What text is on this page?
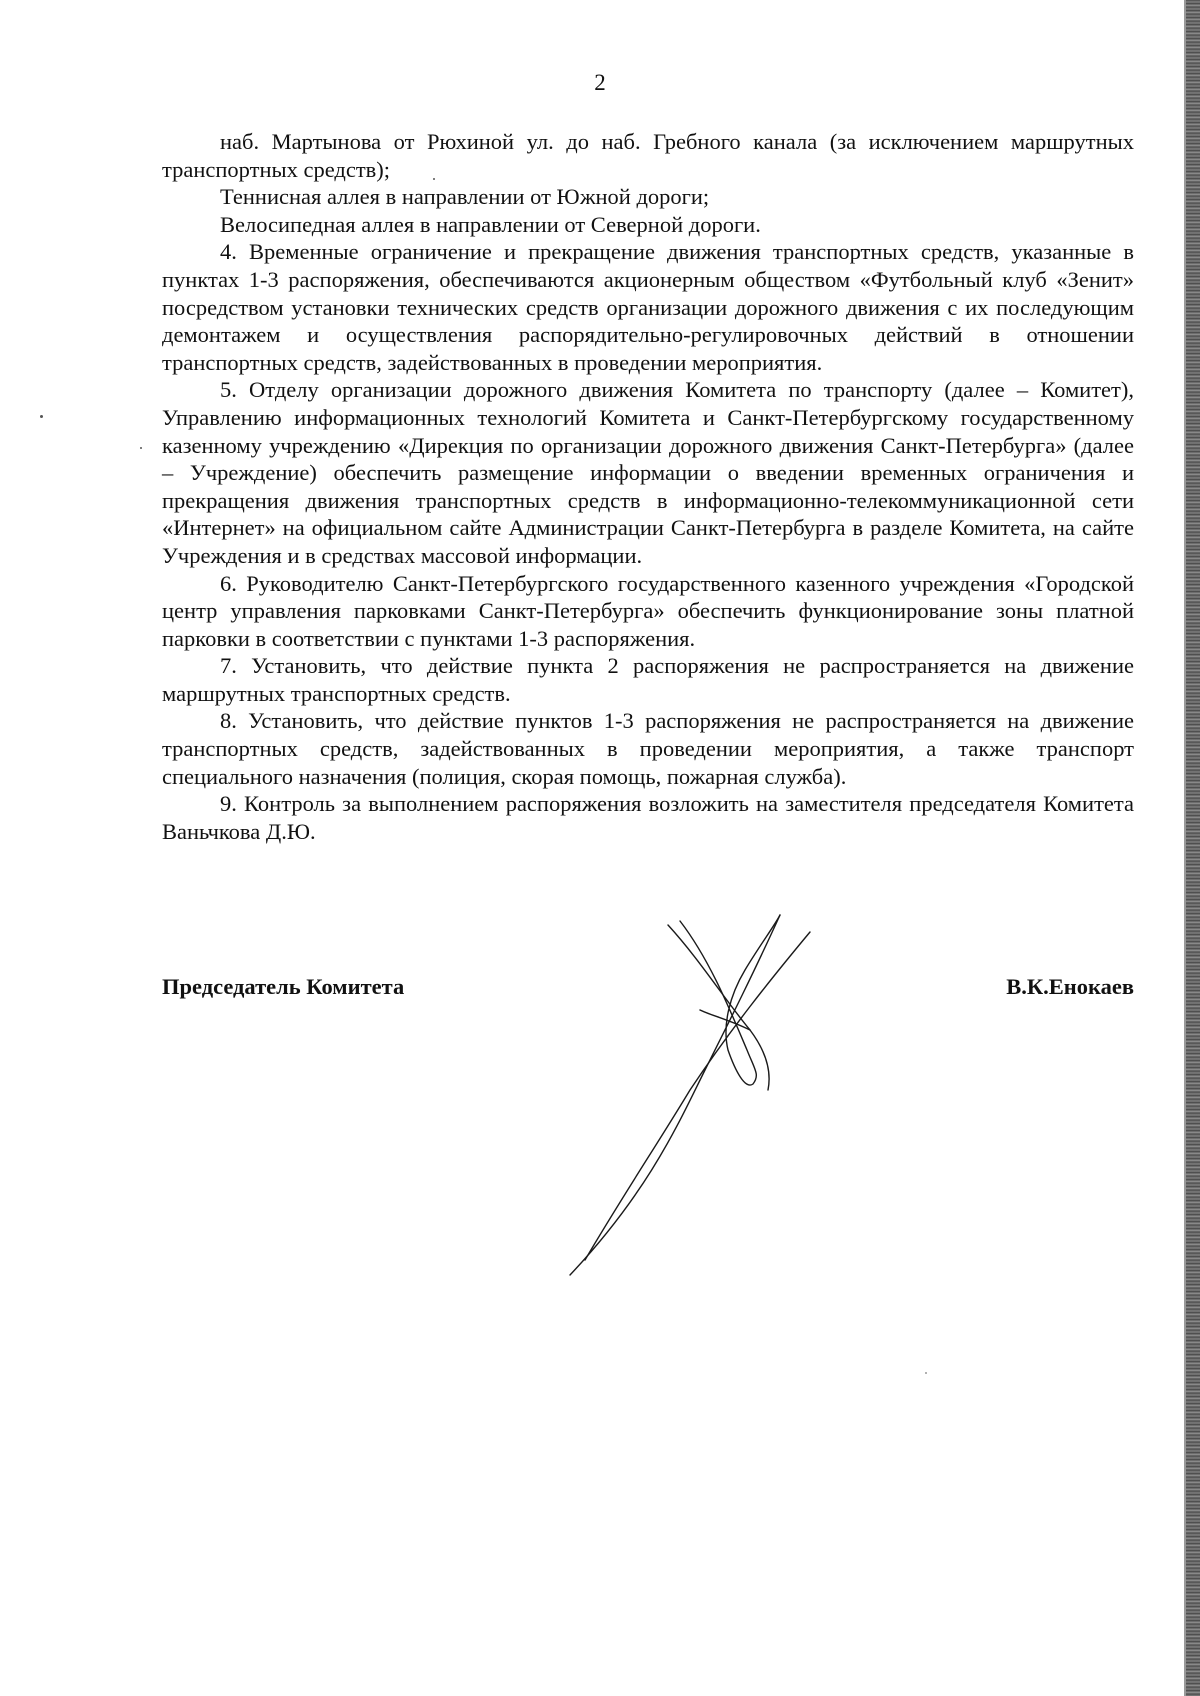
2

наб. Мартынова от Рюхиной ул. до наб. Гребного канала (за исключением маршрутных транспортных средств);

Теннисная аллея в направлении от Южной дороги;

Велосипедная аллея в направлении от Северной дороги.

4. Временные ограничение и прекращение движения транспортных средств, указанные в пунктах 1-3 распоряжения, обеспечиваются акционерным обществом «Футбольный клуб «Зенит» посредством установки технических средств организации дорожного движения с их последующим демонтажем и осуществления распорядительно-регулировочных действий в отношении транспортных средств, задействованных в проведении мероприятия.

5. Отделу организации дорожного движения Комитета по транспорту (далее – Комитет), Управлению информационных технологий Комитета и Санкт-Петербургскому государственному казенному учреждению «Дирекция по организации дорожного движения Санкт-Петербурга» (далее – Учреждение) обеспечить размещение информации о введении временных ограничения и прекращения движения транспортных средств в информационно-телекоммуникационной сети «Интернет» на официальном сайте Администрации Санкт-Петербурга в разделе Комитета, на сайте Учреждения и в средствах массовой информации.

6. Руководителю Санкт-Петербургского государственного казенного учреждения «Городской центр управления парковками Санкт-Петербурга» обеспечить функционирование зоны платной парковки в соответствии с пунктами 1-3 распоряжения.

7. Установить, что действие пункта 2 распоряжения не распространяется на движение маршрутных транспортных средств.

8. Установить, что действие пунктов 1-3 распоряжения не распространяется на движение транспортных средств, задействованных в проведении мероприятия, а также транспорт специального назначения (полиция, скорая помощь, пожарная служба).

9. Контроль за выполнением распоряжения возложить на заместителя председателя Комитета Ваньчкова Д.Ю.

Председатель Комитета	В.К.Енокаев
